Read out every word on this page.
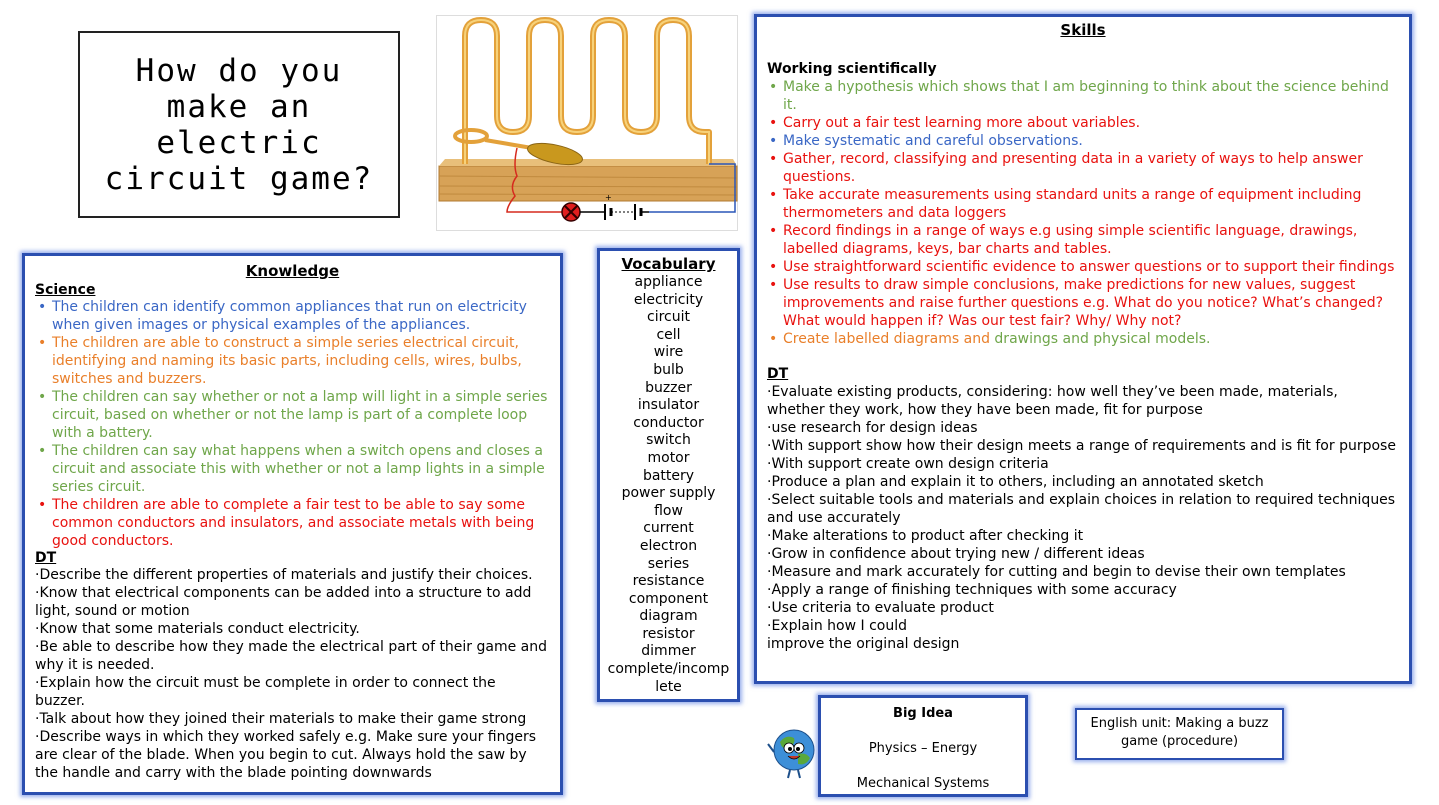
How do you
make an
electric
circuit game?
+
Knowledge
Science
• The children can identify common appliances that run on electricity when given images or physical examples of the appliances.
• The children are able to construct a simple series electrical circuit, identifying and naming its basic parts, including cells, wires, bulbs, switches and buzzers.
• The children can say whether or not a lamp will light in a simple series circuit, based on whether or not the lamp is part of a complete loop with a battery.
• The children can say what happens when a switch opens and closes a circuit and associate this with whether or not a lamp lights in a simple series circuit.
• The children are able to complete a fair test to be able to say some common conductors and insulators, and associate metals with being good conductors.
DT

·Describe the different properties of materials and justify their choices.

·Know that electrical components can be added into a structure to add light, sound or motion

·Know that some materials conduct electricity.

·Be able to describe how they made the electrical part of their game and why it is needed.

·Explain how the circuit must be complete in order to connect the buzzer.

·Talk about how they joined their materials to make their game strong

·Describe ways in which they worked safely e.g. Make sure your fingers are clear of the blade. When you begin to cut. Always hold the saw by the handle and carry with the blade pointing downwards

Vocabulary
appliance
electricity
circuit
cell
wire
bulb
buzzer
insulator
conductor
switch
motor
battery
power supply
flow
current
electron
series
resistance
component
diagram
resistor
dimmer
complete/incomp
lete
Skills
Working scientifically
• Make a hypothesis which shows that I am beginning to think about the science behind it.
• Carry out a fair test learning more about variables.
• Make systematic and careful observations.
• Gather, record, classifying and presenting data in a variety of ways to help answer questions.
• Take accurate measurements using standard units a range of equipment including thermometers and data loggers
• Record findings in a range of ways e.g using simple scientific language, drawings, labelled diagrams, keys, bar charts and tables.
• Use straightforward scientific evidence to answer questions or to support their findings
• Use results to draw simple conclusions, make predictions for new values, suggest improvements and raise further questions e.g. What do you notice? What’s changed? What would happen if? Was our test fair? Why/ Why not?
• Create labelled diagrams and drawings and physical models.
DT

·Evaluate existing products, considering: how well they’ve been made, materials, whether they work, how they have been made, fit for purpose

·use research for design ideas

·With support show how their design meets a range of requirements and is fit for purpose

·With support create own design criteria

·Produce a plan and explain it to others, including an annotated sketch

·Select suitable tools and materials and explain choices in relation to required techniques and use accurately

·Make alterations to product after checking it

·Grow in confidence about trying new / different ideas

·Measure and mark accurately for cutting and begin to devise their own templates

·Apply a range of finishing techniques with some accuracy

·Use criteria to evaluate product

·Explain how I could

improve the original design

Big Idea
Physics – Energy
Mechanical Systems
English unit: Making a buzz game (procedure)
